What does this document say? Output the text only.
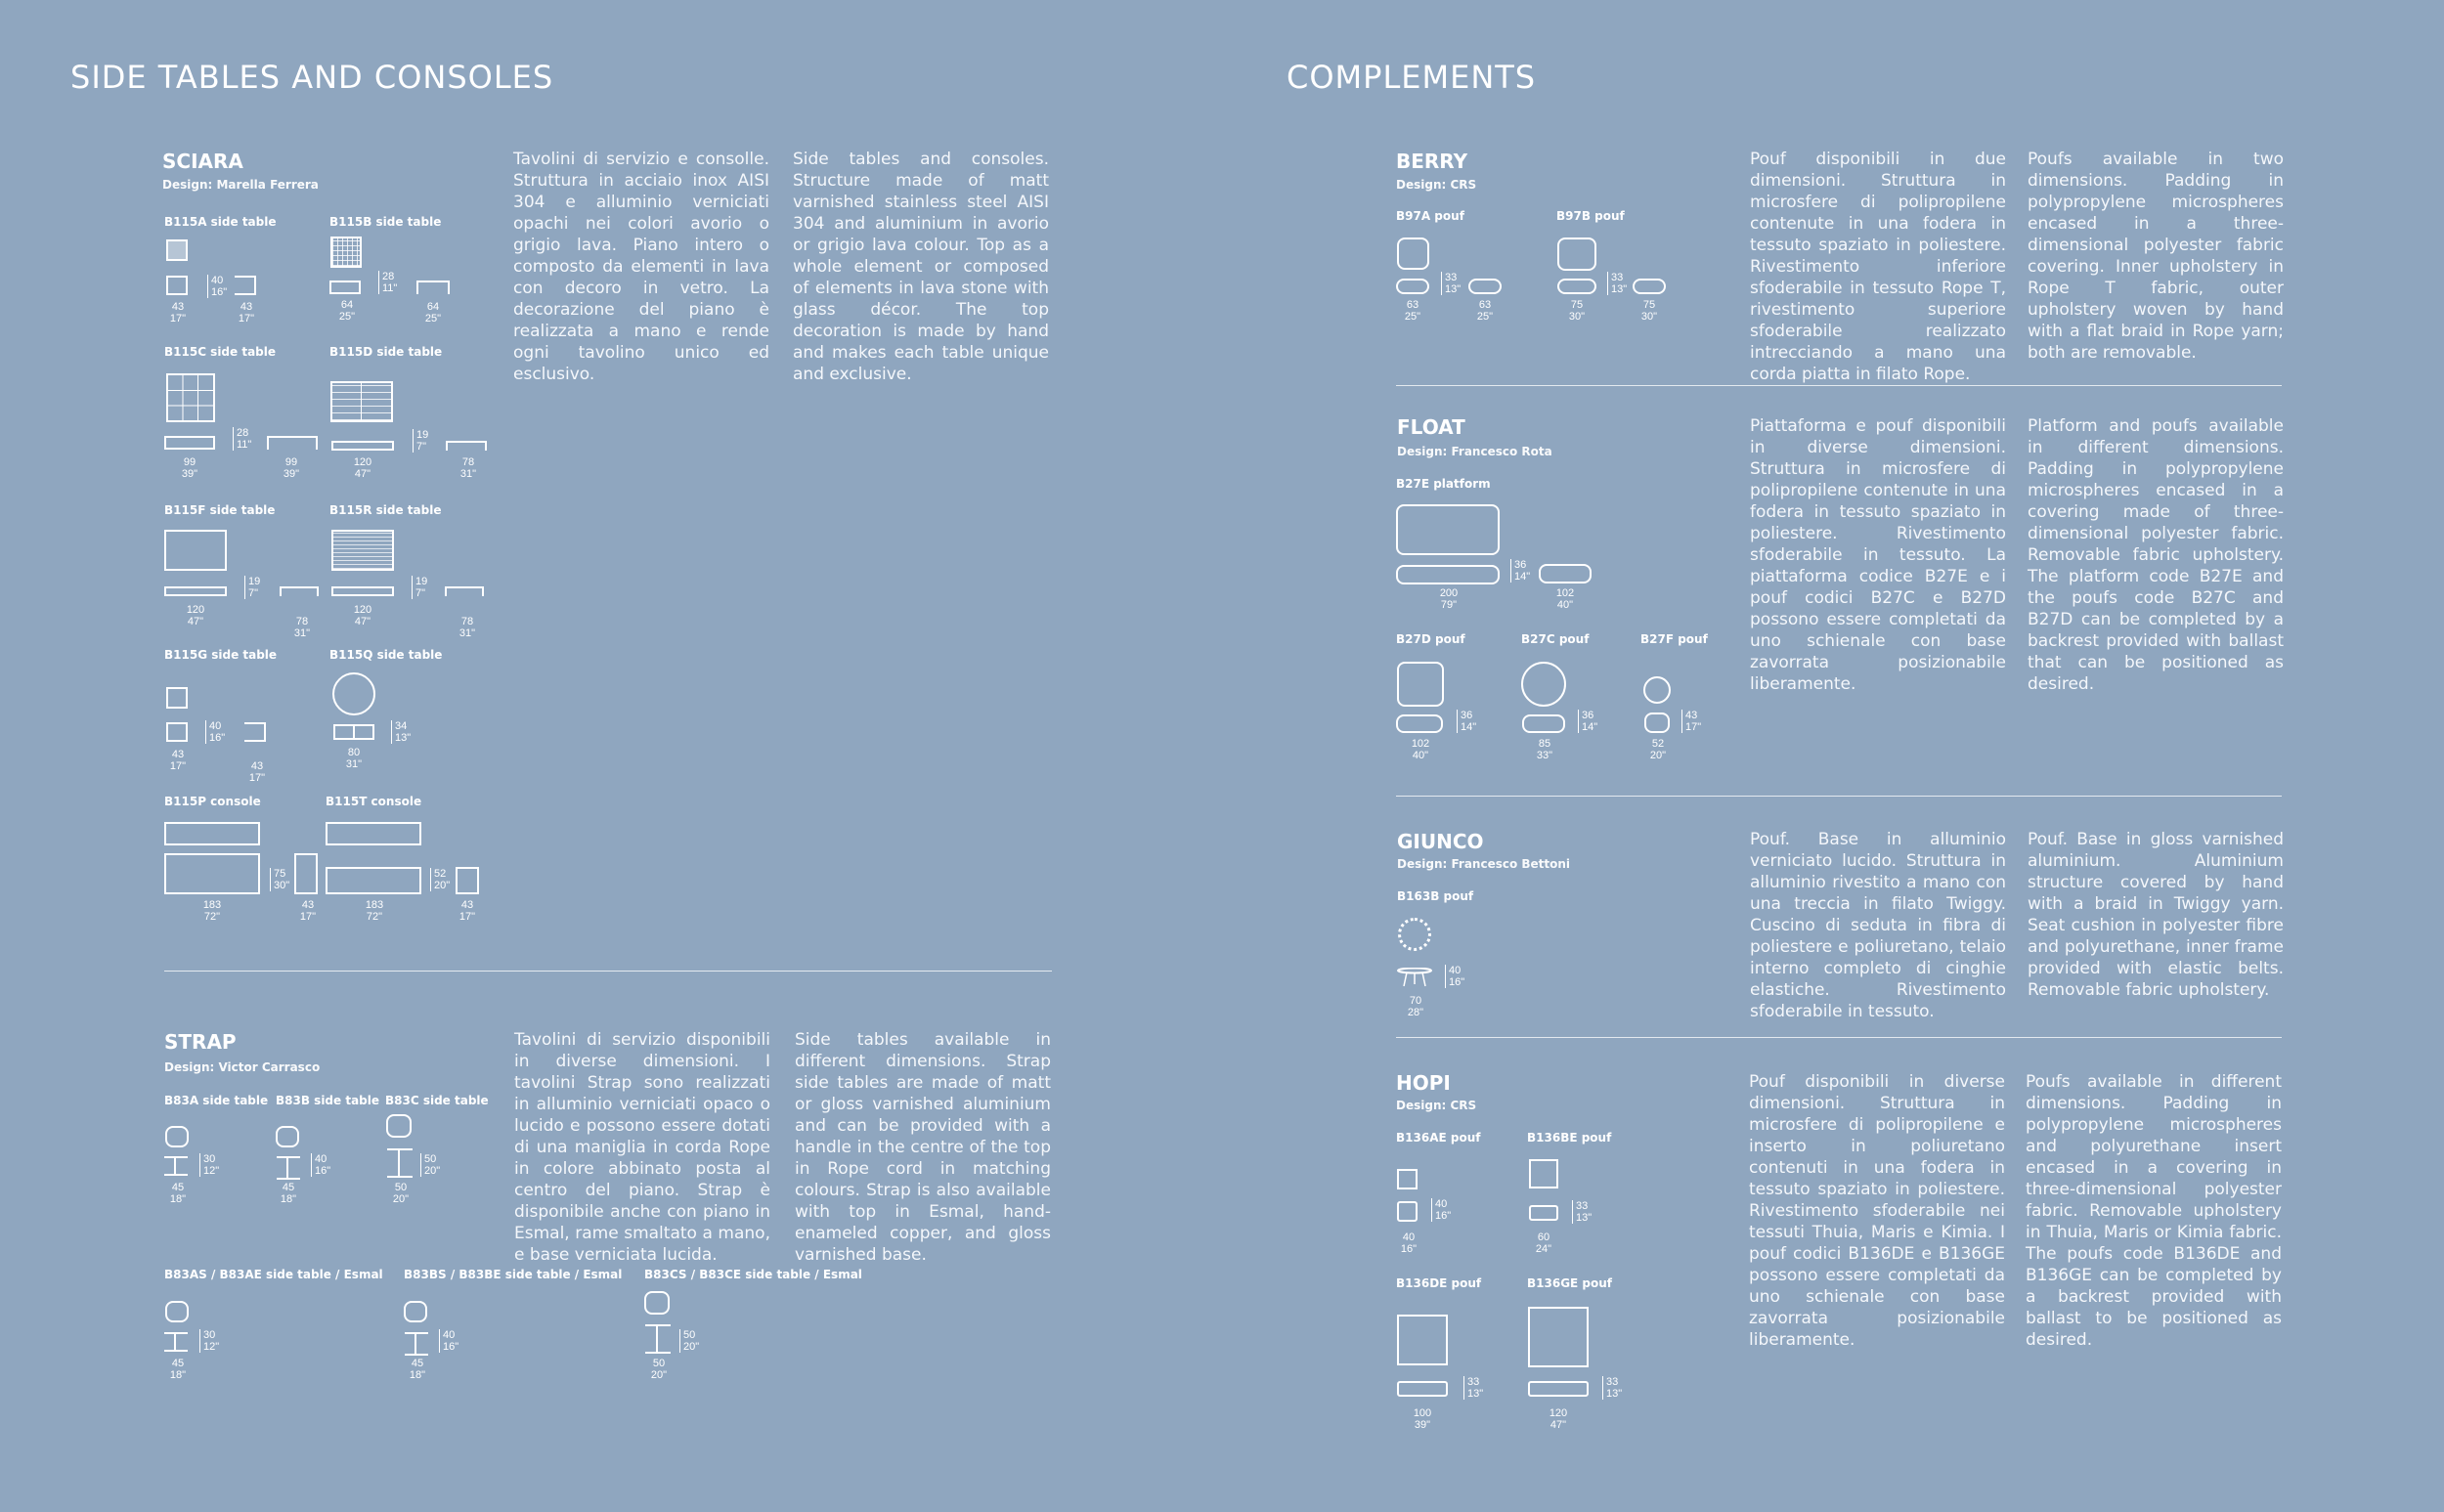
SIDE TABLES AND CONSOLES
SCIARA
Design: Marella Ferrera
Tavolini di servizio e consolle. Struttura in acciaio inox AISI 304 e alluminio verniciati opachi nei colori avorio o grigio lava. Piano intero o composto da elementi in lava con decoro in vetro. La decorazione del piano è realizzata a mano e rende ogni tavolino unico ed esclusivo.
Side tables and consoles. Structure made of matt varnished stainless steel AISI 304 and aluminium in avorio or grigio lava colour. Top as a whole element or composed of elements in lava stone with glass décor. The top decoration is made by hand and makes each table unique and exclusive.
B115A side table
40
16"
43
17"
43
17"
B115B side table
28
11"
64
25"
64
25"
B115C side table
28
11"
99
39"
99
39"
B115D side table
19
7"
120
47"
78
31"
B115F side table
19
7"
120
47"	78
31"
B115R side table
19
7"
120
47"	78
31"
B115G side table
40
16"
43
17"	43
17"
B115Q side table
34
13"
80
31"
B115P console
75
30"
183
72"
43
17"
B115T console
52
20"
183
72"
43
17"
STRAP
Design: Victor Carrasco
Tavolini di servizio disponibili in diverse dimensioni. I tavolini Strap sono realizzati in alluminio verniciati opaco o lucido e possono essere dotati di una maniglia in corda Rope in colore abbinato posta al centro del piano. Strap è disponibile anche con piano in Esmal, rame smaltato a mano, e base verniciata lucida.
Side tables available in different dimensions. Strap side tables are made of matt or gloss varnished aluminium and can be provided with a handle in the centre of the top in Rope cord in matching colours. Strap is also available with top in Esmal, hand-enameled copper, and gloss varnished base.
B83A side table
30
12"
45
18"
B83B side table
40
16"
45
18"
B83C side table
50
20"
50
20"
B83AS / B83AE side table / Esmal
30
12"
45
18"
B83BS / B83BE side table / Esmal
40
16"
45
18"
B83CS / B83CE side table / Esmal
50
20"
50
20"
COMPLEMENTS
BERRY
Design: CRS
Pouf disponibili in due dimensioni. Struttura in microsfere di polipropilene contenute in una fodera in tessuto spaziato in poliestere. Rivestimento inferiore sfoderabile in tessuto Rope T, rivestimento superiore sfoderabile realizzato intrecciando a mano una corda piatta in filato Rope.
Poufs available in two dimensions. Padding in polypropylene microspheres encased in a three-dimensional polyester fabric covering. Inner upholstery in Rope T fabric, outer upholstery woven by hand with a flat braid in Rope yarn; both are removable.
B97A pouf
33
13"
63
25"
63
25"
B97B pouf
33
13"
75
30"
75
30"
FLOAT
Design: Francesco Rota
Piattaforma e pouf disponibili in diverse dimensioni. Struttura in microsfere di polipropilene contenute in una fodera in tessuto spaziato in poliestere. Rivestimento sfoderabile in tessuto. La piattaforma codice B27E e i pouf codici B27C e B27D possono essere completati da uno schienale con base zavorrata posizionabile liberamente.
Platform and poufs available in different dimensions. Padding in polypropylene microspheres encased in a covering made of three-dimensional polyester fabric. Removable fabric upholstery. The platform code B27E and the poufs code B27C and B27D can be completed by a backrest provided with ballast that can be positioned as desired.
B27E platform
36
14"
200
79"
102
40"
B27D pouf
36
14"
102
40"
B27C pouf
36
14"
85
33"
B27F pouf
43
17"
52
20"
GIUNCO
Design: Francesco Bettoni
Pouf. Base in alluminio verniciato lucido. Struttura in alluminio rivestito a mano con una treccia in filato Twiggy. Cuscino di seduta in fibra di poliestere e poliuretano, telaio interno completo di cinghie elastiche. Rivestimento sfoderabile in tessuto.
Pouf. Base in gloss varnished aluminium. Aluminium structure covered by hand with a braid in Twiggy yarn. Seat cushion in polyester fibre and polyurethane, inner frame provided with elastic belts. Removable fabric upholstery.
B163B pouf
40
16"
70
28"
HOPI
Design: CRS
Pouf disponibili in diverse dimensioni. Struttura in microsfere di polipropilene e inserto in poliuretano contenuti in una fodera in tessuto spaziato in poliestere. Rivestimento sfoderabile nei tessuti Thuia, Maris e Kimia. I pouf codici B136DE e B136GE possono essere completati da uno schienale con base zavorrata posizionabile liberamente.
Poufs available in different dimensions. Padding in polypropylene microspheres and polyurethane insert encased in a covering in three-dimensional polyester fabric. Removable upholstery in Thuia, Maris or Kimia fabric. The poufs code B136DE and B136GE can be completed by a backrest provided with ballast to be positioned as desired.
B136AE pouf
40
16"
40
16"
B136BE pouf
33
13"
60
24"
B136DE pouf
33
13"
100
39"
B136GE pouf
33
13"
120
47"
